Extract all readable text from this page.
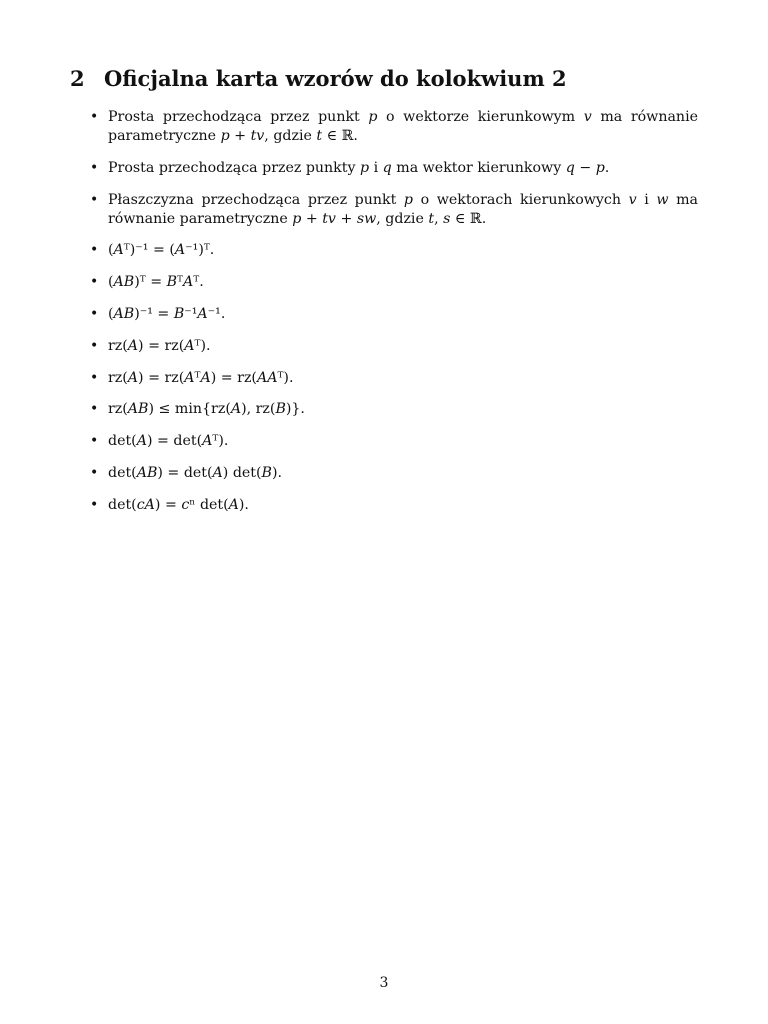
2 Oficjalna karta wzorów do kolokwium 2
• Prosta przechodząca przez punkt 𝑝 o wektorze kierunkowym 𝑣 ma równanie parametryczne 𝑝 + 𝑡𝑣, gdzie 𝑡 ∈ ℝ.
• Prosta przechodząca przez punkty 𝑝 i 𝑞 ma wektor kierunkowy 𝑞 − 𝑝.
• Płaszczyzna przechodząca przez punkt 𝑝 o wektorach kierunkowych 𝑣 i 𝑤 ma równanie parametryczne 𝑝 + 𝑡𝑣 + 𝑠𝑤, gdzie 𝑡, 𝑠 ∈ ℝ.
• (𝐴ᵀ)⁻¹ = (𝐴⁻¹)ᵀ.
• (𝐴𝐵)ᵀ = 𝐵ᵀ𝐴ᵀ.
• (𝐴𝐵)⁻¹ = 𝐵⁻¹𝐴⁻¹.
• rz(𝐴) = rz(𝐴ᵀ).
• rz(𝐴) = rz(𝐴ᵀ𝐴) = rz(𝐴𝐴ᵀ).
• rz(𝐴𝐵) ≤ min{rz(𝐴), rz(𝐵)}.
• det(𝐴) = det(𝐴ᵀ).
• det(𝐴𝐵) = det(𝐴) det(𝐵).
• det(𝑐𝐴) = 𝑐ⁿ det(𝐴).
3
